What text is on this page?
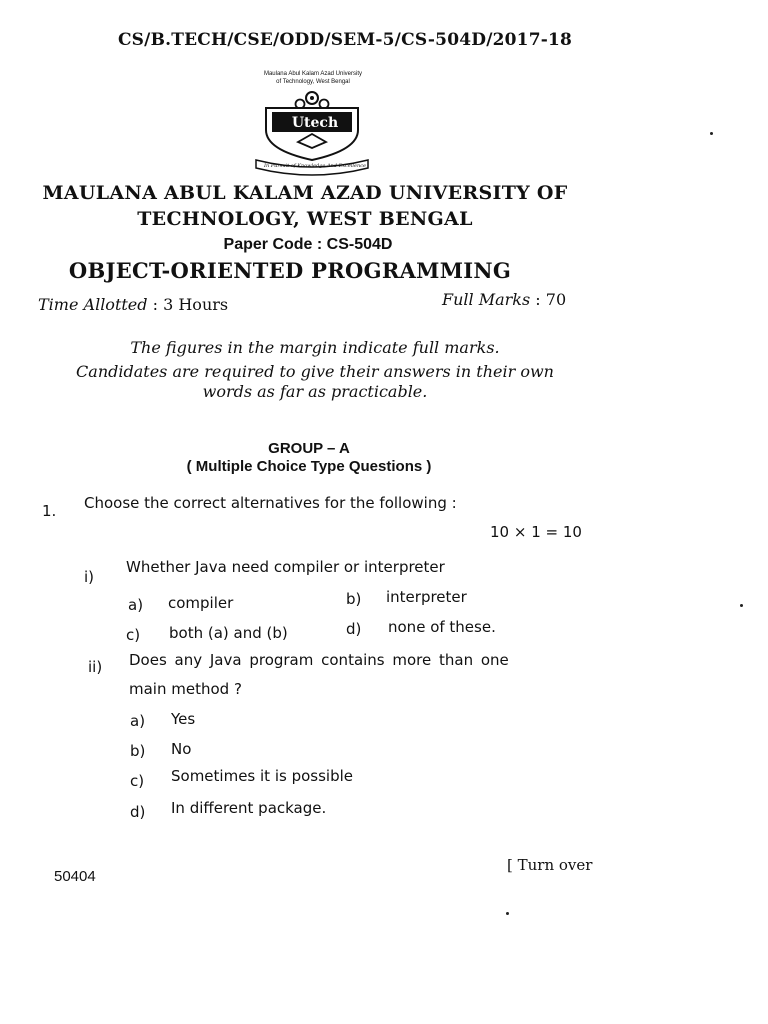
CS/B.TECH/CSE/ODD/SEM-5/CS-504D/2017-18
Maulana Abul Kalam Azad University
of Technology, West Bengal
Utech
In Pursuit of Knowledge And Excellence
MAULANA ABUL KALAM AZAD UNIVERSITY OF
TECHNOLOGY, WEST BENGAL
Paper Code : CS-504D
OBJECT-ORIENTED PROGRAMMING
Time Allotted : 3 Hours	Full Marks : 70
The figures in the margin indicate full marks.
Candidates are required to give their answers in their own
words as far as practicable.
GROUP – A
( Multiple Choice Type Questions )
1. Choose the correct alternatives for the following :
10 × 1 = 10
i)
Whether Java need compiler or interpreter
a) compiler	b) interpreter
c) both (a) and (b)	d) none of these.
ii) Does any Java program contains more than one
main method ?
a) Yes
b) No
c) Sometimes it is possible
d) In different package.
50404
[ Turn over
